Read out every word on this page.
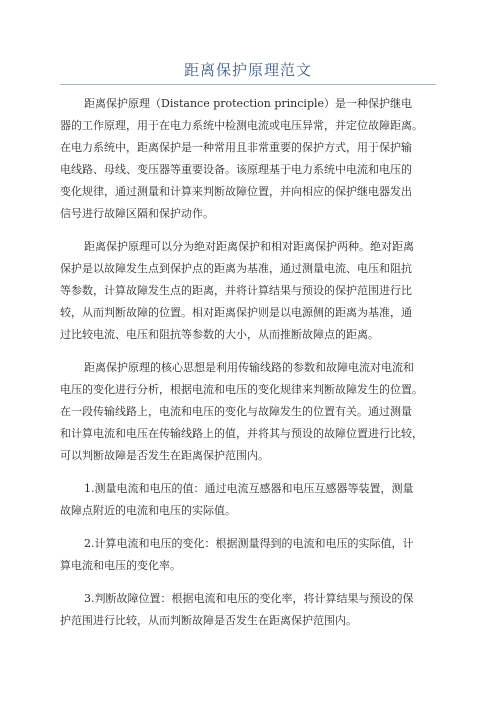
距离保护原理范文
距离保护原理（Distance protection principle）是一种保护继电
器的工作原理，用于在电力系统中检测电流或电压异常，并定位故障距离。
在电力系统中，距离保护是一种常用且非常重要的保护方式，用于保护输
电线路、母线、变压器等重要设备。该原理基于电力系统中电流和电压的
变化规律，通过测量和计算来判断故障位置，并向相应的保护继电器发出
信号进行故障区隔和保护动作。
距离保护原理可以分为绝对距离保护和相对距离保护两种。绝对距离
保护是以故障发生点到保护点的距离为基准，通过测量电流、电压和阻抗
等参数，计算故障发生点的距离，并将计算结果与预设的保护范围进行比
较，从而判断故障的位置。相对距离保护则是以电源侧的距离为基准，通
过比较电流、电压和阻抗等参数的大小，从而推断故障点的距离。
距离保护原理的核心思想是利用传输线路的参数和故障电流对电流和
电压的变化进行分析，根据电流和电压的变化规律来判断故障发生的位置。
在一段传输线路上，电流和电压的变化与故障发生的位置有关。通过测量
和计算电流和电压在传输线路上的值，并将其与预设的故障位置进行比较，
可以判断故障是否发生在距离保护范围内。
1.测量电流和电压的值：通过电流互感器和电压互感器等装置，测量
故障点附近的电流和电压的实际值。
2.计算电流和电压的变化：根据测量得到的电流和电压的实际值，计
算电流和电压的变化率。
3.判断故障位置：根据电流和电压的变化率，将计算结果与预设的保
护范围进行比较，从而判断故障是否发生在距离保护范围内。
